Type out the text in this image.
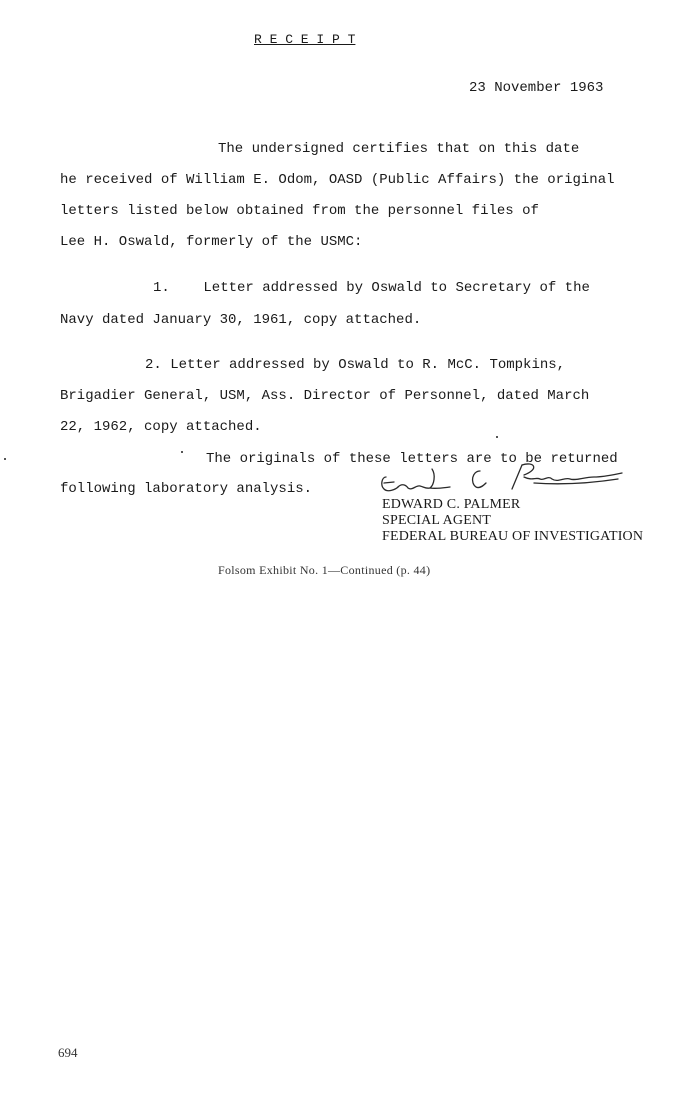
R E C E I P T
23 November 1963
The undersigned certifies that on this date
he received of William E. Odom, OASD (Public Affairs) the original
letters listed below obtained from the personnel files of
Lee H. Oswald, formerly of the USMC:
1.    Letter addressed by Oswald to Secretary of the
Navy dated January 30, 1961, copy attached.
2. Letter addressed by Oswald to R. McC. Tompkins,
Brigadier General, USM, Ass. Director of Personnel, dated March
22, 1962, copy attached.
The originals of these letters are to be returned
following laboratory analysis.
EDWARD C. PALMER
SPECIAL AGENT
FEDERAL BUREAU OF INVESTIGATION
Folsom Exhibit No. 1—Continued (p. 44)
694
